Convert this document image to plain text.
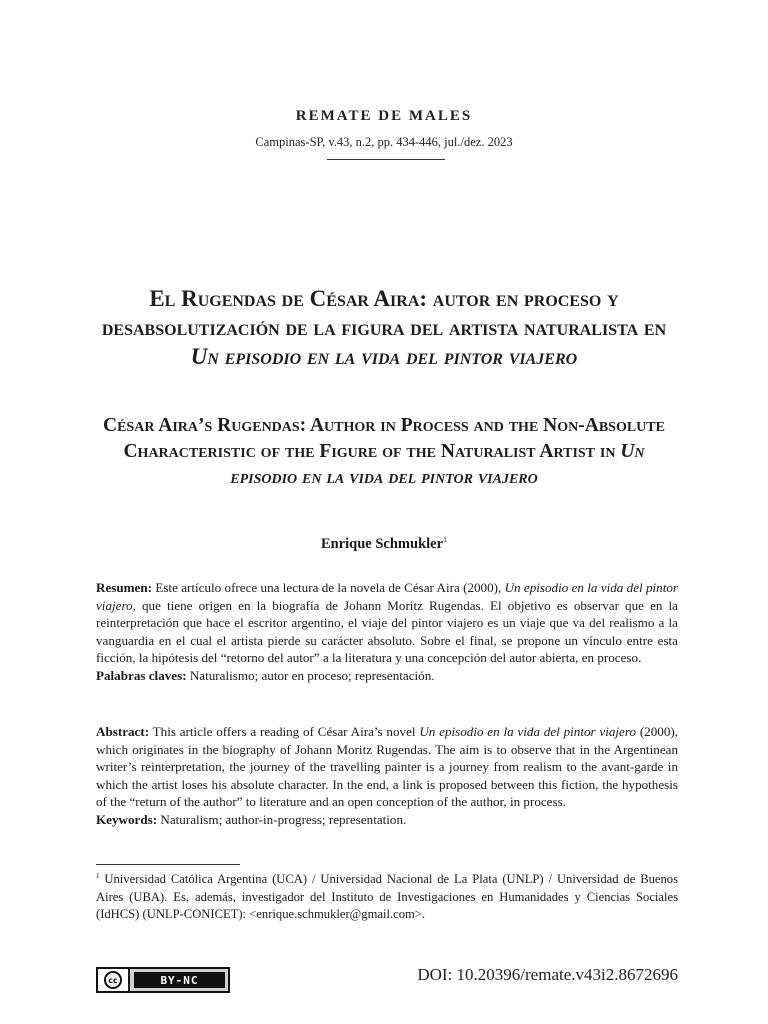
REMATE DE MALES
Campinas-SP, v.43, n.2, pp. 434-446, jul./dez. 2023
El Rugendas de César Aira: autor en proceso y desabsolutización de la figura del artista naturalista en Un episodio en la vida del pintor viajero
César Aira’s Rugendas: Author in Process and the Non-Absolute Characteristic of the Figure of the Naturalist Artist in Un episodio en la vida del pintor viajero
Enrique Schmukler$^1$
Resumen: Este artículo ofrece una lectura de la novela de César Aira (2000), Un episodio en la vida del pintor viajero, que tiene origen en la biografía de Johann Moritz Rugendas. El objetivo es observar que en la reinterpretación que hace el escritor argentino, el viaje del pintor viajero es un viaje que va del realismo a la vanguardia en el cual el artista pierde su carácter absoluto. Sobre el final, se propone un vínculo entre esta ficción, la hipótesis del “retorno del autor” a la literatura y una concepción del autor abierta, en proceso.
Palabras claves: Naturalismo; autor en proceso; representación.
Abstract: This article offers a reading of César Aira’s novel Un episodio en la vida del pintor viajero (2000), which originates in the biography of Johann Moritz Rugendas. The aim is to observe that in the Argentinean writer’s reinterpretation, the journey of the travelling painter is a journey from realism to the avant-garde in which the artist loses his absolute character. In the end, a link is proposed between this fiction, the hypothesis of the “return of the author” to literature and an open conception of the author, in process.
Keywords: Naturalism; author-in-progress; representation.
$^1$ Universidad Católica Argentina (UCA) / Universidad Nacional de La Plata (UNLP) / Universidad de Buenos Aires (UBA). Es, además, investigador del Instituto de Investigaciones en Humanidades y Ciencias Sociales (IdHCS) (UNLP-CONICET): <enrique.schmukler@gmail.com>.
cc	BY-NC	DOI: 10.20396/remate.v43i2.8672696
